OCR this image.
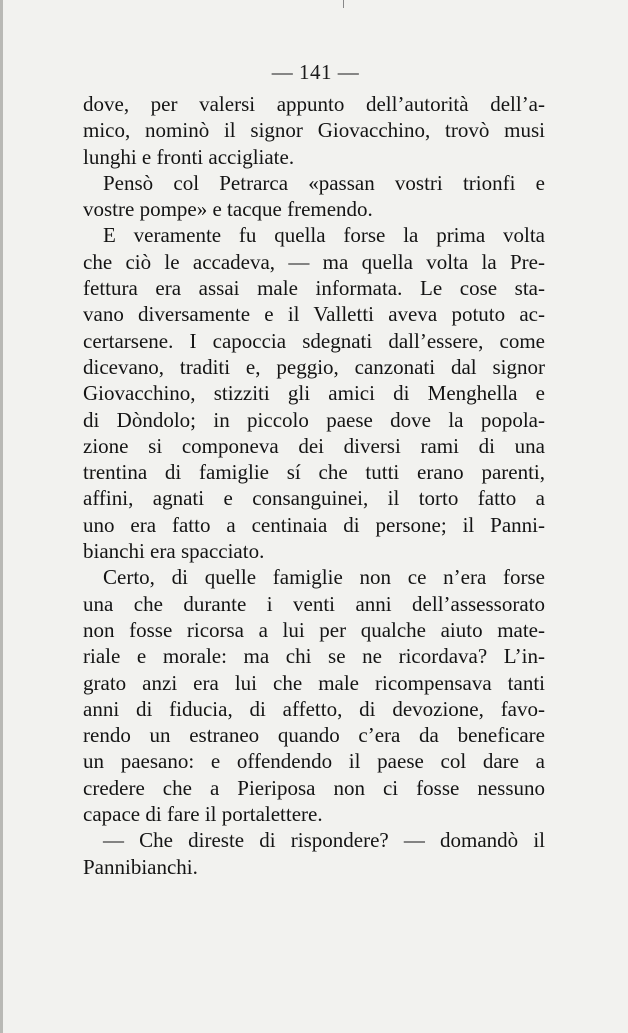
— 141 —
dove, per valersi appunto dell’autorità dell’a-
mico, nominò il signor Giovacchino, trovò musi
lunghi e fronti accigliate.
Pensò col Petrarca «passan vostri trionfi e
vostre pompe» e tacque fremendo.
E veramente fu quella forse la prima volta
che ciò le accadeva, — ma quella volta la Pre-
fettura era assai male informata. Le cose sta-
vano diversamente e il Valletti aveva potuto ac-
certarsene. I capoccia sdegnati dall’essere, come
dicevano, traditi e, peggio, canzonati dal signor
Giovacchino, stizziti gli amici di Menghella e
di Dòndolo; in piccolo paese dove la popola-
zione si componeva dei diversi rami di una
trentina di famiglie sí che tutti erano parenti,
affini, agnati e consanguinei, il torto fatto a
uno era fatto a centinaia di persone; il Panni-
bianchi era spacciato.
Certo, di quelle famiglie non ce n’era forse
una che durante i venti anni dell’assessorato
non fosse ricorsa a lui per qualche aiuto mate-
riale e morale: ma chi se ne ricordava? L’in-
grato anzi era lui che male ricompensava tanti
anni di fiducia, di affetto, di devozione, favo-
rendo un estraneo quando c’era da beneficare
un paesano: e offendendo il paese col dare a
credere che a Pieriposa non ci fosse nessuno
capace di fare il portalettere.
— Che direste di rispondere? — domandò il
Pannibianchi.
